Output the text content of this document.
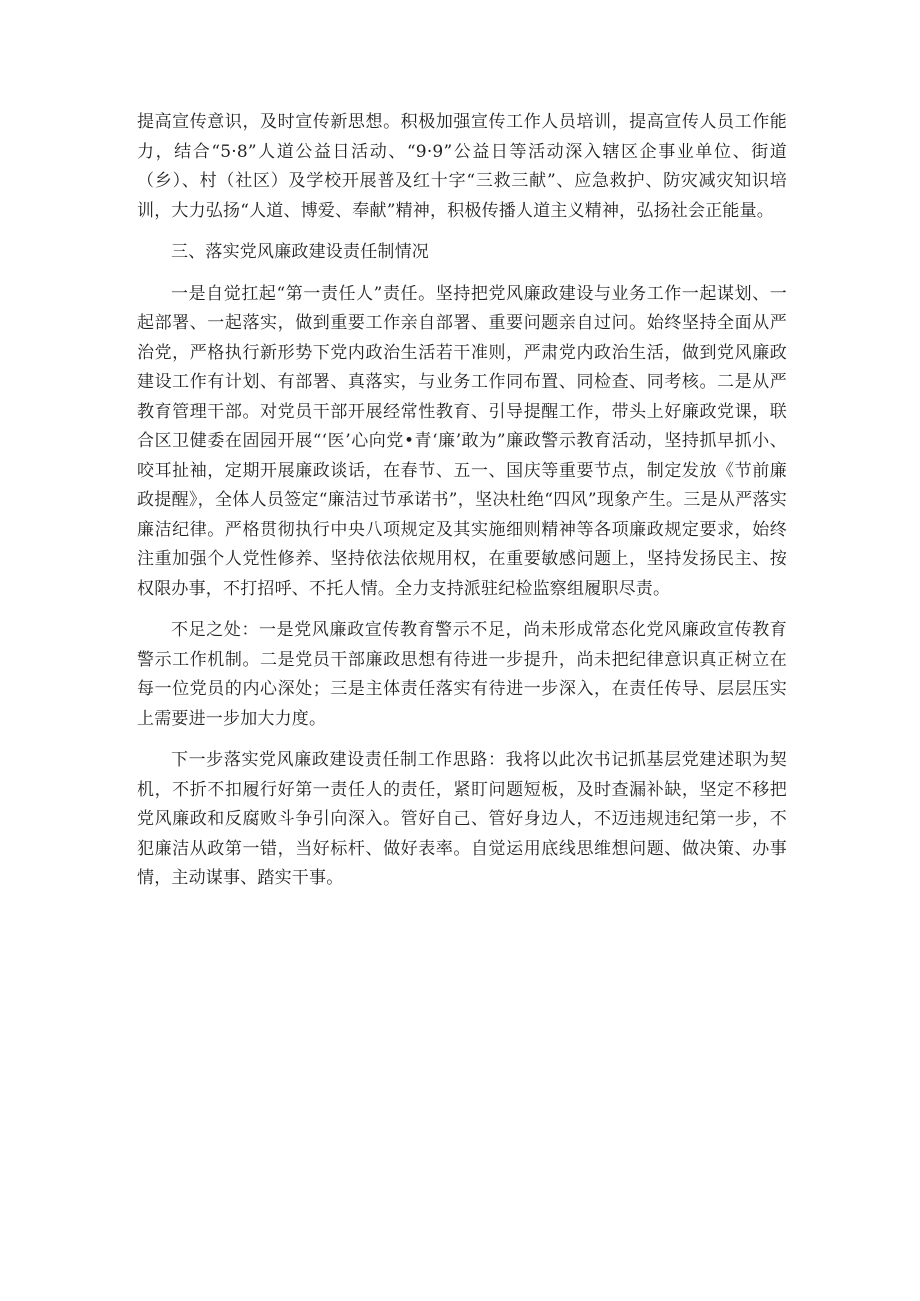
提高宣传意识，及时宣传新思想。积极加强宣传工作人员培训，提高宣传人员工作能力，结合“5·8”人道公益日活动、“9·9”公益日等活动深入辖区企事业单位、街道（乡）、村（社区）及学校开展普及红十字“三救三献”、应急救护、防灾减灾知识培训，大力弘扬“人道、博爱、奉献”精神，积极传播人道主义精神，弘扬社会正能量。

三、落实党风廉政建设责任制情况

一是自觉扛起“第一责任人”责任。坚持把党风廉政建设与业务工作一起谋划、一起部署、一起落实，做到重要工作亲自部署、重要问题亲自过问。始终坚持全面从严治党，严格执行新形势下党内政治生活若干准则，严肃党内政治生活，做到党风廉政建设工作有计划、有部署、真落实，与业务工作同布置、同检查、同考核。二是从严教育管理干部。对党员干部开展经常性教育、引导提醒工作，带头上好廉政党课，联合区卫健委在固园开展“‘医’心向党•青‘廉’敢为”廉政警示教育活动，坚持抓早抓小、咬耳扯袖，定期开展廉政谈话，在春节、五一、国庆等重要节点，制定发放《节前廉政提醒》，全体人员签定“廉洁过节承诺书”，坚决杜绝“四风”现象产生。三是从严落实廉洁纪律。严格贯彻执行中央八项规定及其实施细则精神等各项廉政规定要求，始终注重加强个人党性修养、坚持依法依规用权，在重要敏感问题上，坚持发扬民主、按权限办事，不打招呼、不托人情。全力支持派驻纪检监察组履职尽责。

不足之处：一是党风廉政宣传教育警示不足，尚未形成常态化党风廉政宣传教育警示工作机制。二是党员干部廉政思想有待进一步提升，尚未把纪律意识真正树立在每一位党员的内心深处；三是主体责任落实有待进一步深入，在责任传导、层层压实上需要进一步加大力度。

下一步落实党风廉政建设责任制工作思路：我将以此次书记抓基层党建述职为契机，不折不扣履行好第一责任人的责任，紧盯问题短板，及时查漏补缺，坚定不移把党风廉政和反腐败斗争引向深入。管好自己、管好身边人，不迈违规违纪第一步，不犯廉洁从政第一错，当好标杆、做好表率。自觉运用底线思维想问题、做决策、办事情，主动谋事、踏实干事。
